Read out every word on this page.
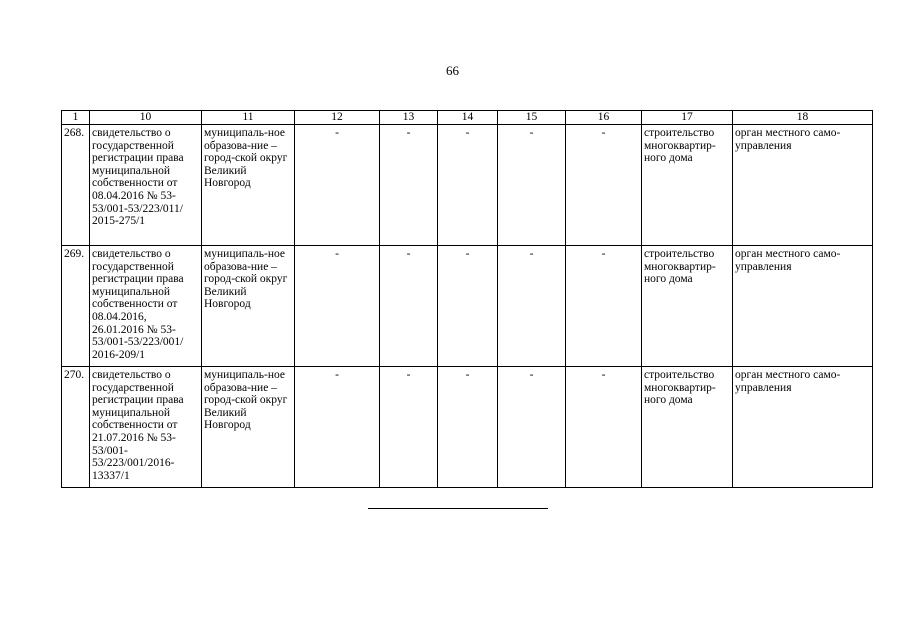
66
1	10	11	12	13	14	15	16	17	18
268.	свидетельство о государственной регистрации права муниципальной собственности от 08.04.2016 № 53-53/001-53/223/011/ 2015-275/1	муниципаль-ное образова-ние – город-ской округ Великий Новгород	-	-	-	-	-	строительство многоквартир-ного дома	орган местного само-управления
269.	свидетельство о государственной регистрации права муниципальной собственности от 08.04.2016, 26.01.2016 № 53-53/001-53/223/001/ 2016-209/1	муниципаль-ное образова-ние – город-ской округ Великий Новгород	-	-	-	-	-	строительство многоквартир-ного дома	орган местного само-управления
270.	свидетельство о государственной регистрации права муниципальной собственности от 21.07.2016 № 53-53/001-53/223/001/2016-13337/1	муниципаль-ное образова-ние –город-ской округ Великий Новгород	-	-	-	-	-	строительство многоквартир-ного дома	орган местного само-управления
